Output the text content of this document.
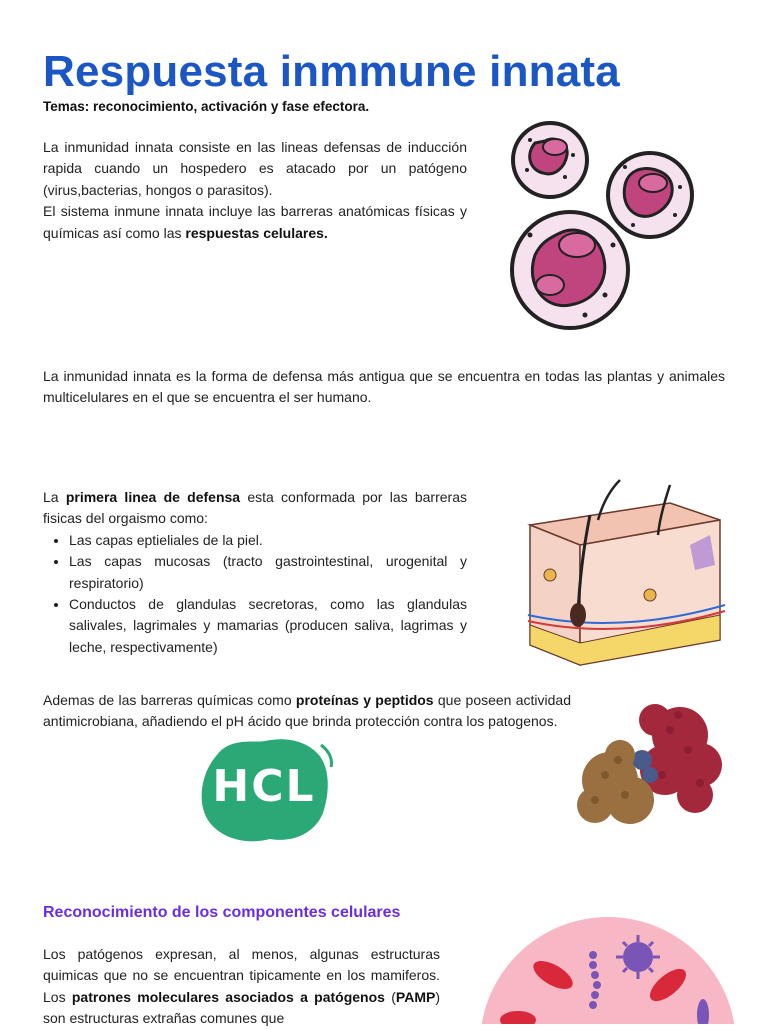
Respuesta inmmune innata
Temas: reconocimiento, activación y fase efectora.
La inmunidad innata consiste en las lineas defensas de inducción rapida cuando un hospedero es atacado por un patógeno (virus,bacterias, hongos o parasitos).
El sistema inmune innata incluye las barreras anatómicas físicas y químicas así como las respuestas celulares.
La inmunidad innata es la forma de defensa más antigua que se encuentra en todas las plantas y animales multicelulares en el que se encuentra el ser humano.
La primera linea de defensa esta conformada por las barreras fisicas del orgaismo como:
• Las capas eptieliales de la piel.
• Las capas mucosas (tracto gastrointestinal, urogenital y respiratorio)
• Conductos de glandulas secretoras, como las glandulas salivales, lagrimales y mamarias (producen saliva, lagrimas y leche, respectivamente)
Ademas de las barreras químicas como proteínas y peptidos que poseen actividad antimicrobiana, añadiendo el pH ácido que brinda protección contra los patogenos.
HCL
Reconocimiento de los componentes celulares
Los patógenos expresan, al menos, algunas estructuras quimicas que no se encuentran tipicamente en los mamiferos. Los patrones moleculares asociados a patógenos (PAMP) son estructuras extrañas comunes que
